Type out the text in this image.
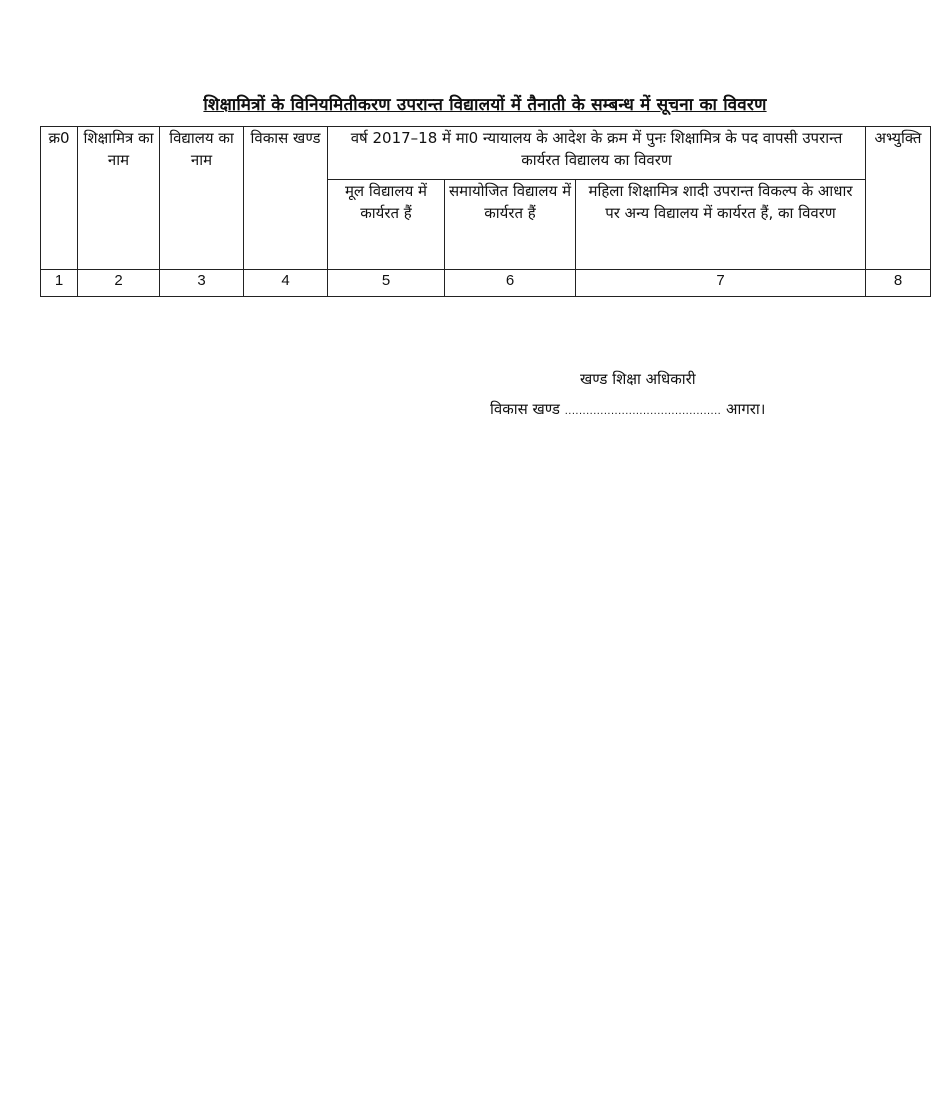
शिक्षामित्रों के विनियमितीकरण उपरान्त विद्यालयों में तैनाती के सम्बन्ध में सूचना का विवरण
क्र0	शिक्षामित्र का नाम	विद्यालय का नाम	विकास खण्ड	वर्ष 2017–18 में मा0 न्यायालय के आदेश के क्रम में पुनः शिक्षामित्र के पद वापसी उपरान्त कार्यरत विद्यालय का विवरण			अभ्युक्ति
				मूल विद्यालय में कार्यरत हैं	समायोजित विद्यालय में कार्यरत हैं	महिला शिक्षामित्र शादी उपरान्त विकल्प के आधार पर अन्य विद्यालय में कार्यरत हैं, का विवरण	
1	2	3	4	5	6	7	8
खण्ड शिक्षा अधिकारी
विकास खण्ड ............................................ आगरा।
